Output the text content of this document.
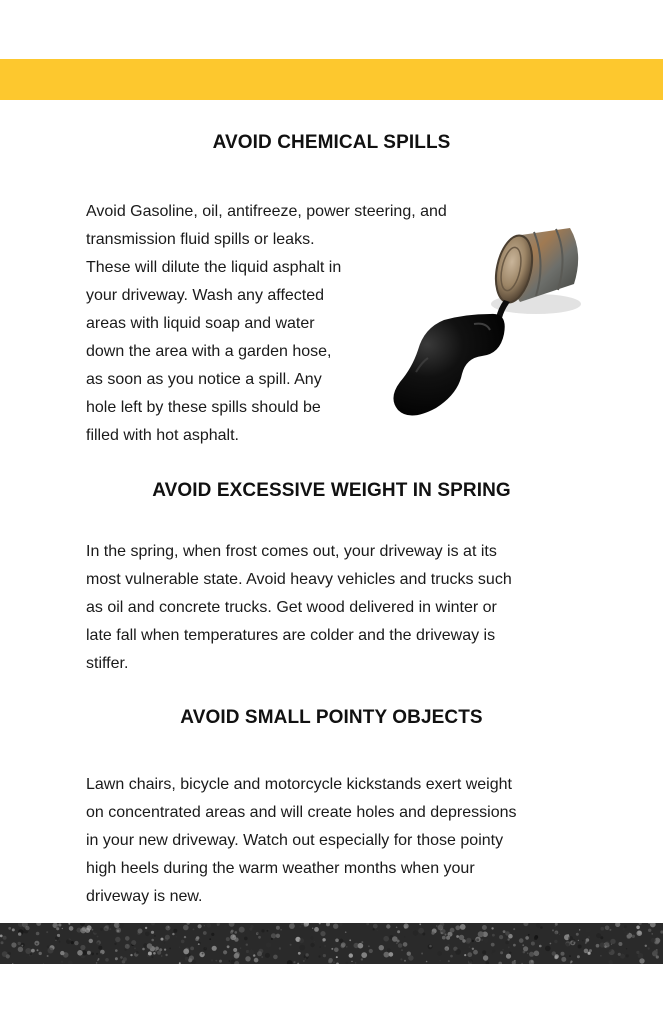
AVOID CHEMICAL SPILLS
Avoid Gasoline, oil, antifreeze, power steering, and
transmission fluid spills or leaks.
These will dilute the liquid asphalt in
your driveway. Wash any affected
areas with liquid soap and water
down the area with a garden hose,
as soon as you notice a spill. Any
hole left by these spills should be
filled with hot asphalt.
AVOID EXCESSIVE WEIGHT IN SPRING
In the spring, when frost comes out, your driveway is at its
most vulnerable state. Avoid heavy vehicles and trucks such
as oil and concrete trucks. Get wood delivered in winter or
late fall when temperatures are colder and the driveway is
stiffer.
AVOID SMALL POINTY OBJECTS
Lawn chairs, bicycle and motorcycle kickstands exert weight
on concentrated areas and will create holes and depressions
in your new driveway. Watch out especially for those pointy
high heels during the warm weather months when your
driveway is new.
